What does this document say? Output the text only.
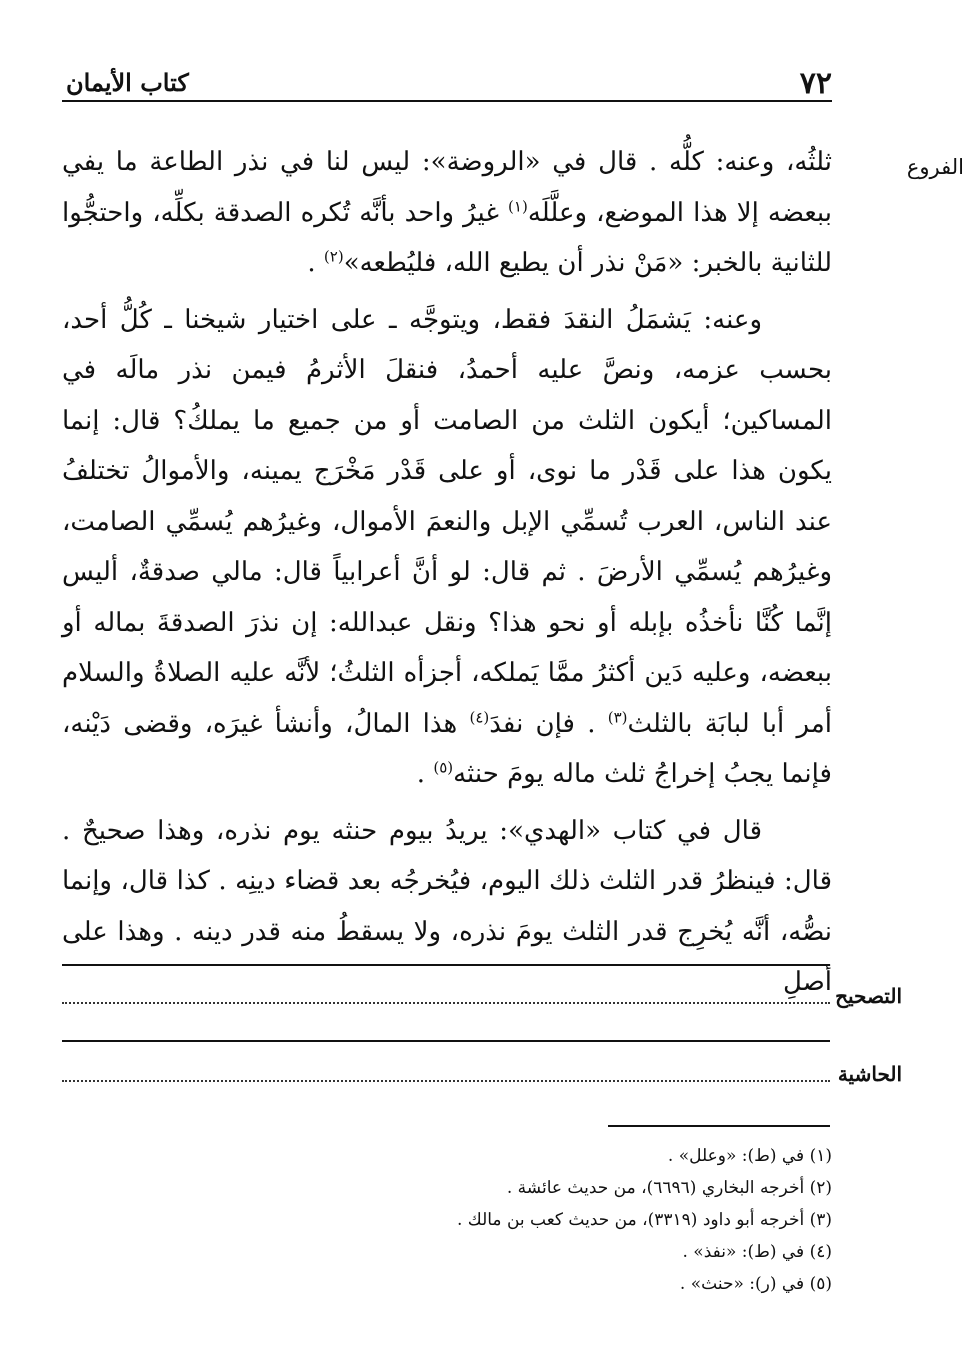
٧٢
كتاب الأيمان
الفروع

ثلثُه، وعنه: كلُّه . قال في «الروضة»: ليس لنا في نذر الطاعة ما يفي ببعضه إلا هذا الموضع، وعلَّلَه$^{(١)}$ غيرُ واحد بأنَّه تُكره الصدقة بكلِّه، واحتجُّوا للثانية بالخبر: «مَنْ نذر أن يطيع الله، فليُطعه»$^{(٢)}$ .

وعنه: يَشمَلُ النقدَ فقط، ويتوجَّه ـ على اختيار شيخنا ـ كُلُّ أحد، بحسب عزمه، ونصَّ عليه أحمدُ، فنقلَ الأثرمُ فيمن نذر مالَه في المساكين؛ أيكون الثلث من الصامت أو من جميع ما يملكُ؟ قال: إنما يكون هذا على قَدْر ما نوى، أو على قَدْر مَخْرَج يمينه، والأموالُ تختلفُ عند الناس، العرب تُسمِّي الإبل والنعمَ الأموال، وغيرُهم يُسمِّي الصامت، وغيرُهم يُسمِّي الأرضَ . ثم قال: لو أنَّ أعرابياً قال: مالي صدقةٌ، أليس إنَّما كُنَّا نأخذُه بإبله أو نحو هذا؟ ونقل عبدالله: إن نذرَ الصدقةَ بماله أو ببعضه، وعليه دَين أكثرُ ممَّا يَملكه، أجزأه الثلثُ؛ لأنَّه عليه الصلاةُ والسلام أمر أبا لبابَة بالثلث$^{(٣)}$ . فإن نفدَ$^{(٤)}$ هذا المالُ، وأنشأ غيرَه، وقضى دَيْنه، فإنما يجبُ إخراجُ ثلث ماله يومَ حنثه$^{(٥)}$ .

قال في كتاب «الهدي»: يريدُ بيوم حنثه يوم نذره، وهذا صحيحٌ . قال: فينظرُ قدر الثلث ذلك اليوم، فيُخرجُه بعد قضاء دينِه . كذا قال، وإنما نصُّه، أنَّه يُخرِج قدر الثلث يومَ نذره، ولا يسقطُ منه قدر دينه . وهذا على أصلِ التصحيح
الحاشية
(١) في (ط): «وعلل» .
(٢) أخرجه البخاري (٦٦٩٦)، من حديث عائشة .
(٣) أخرجه أبو داود (٣٣١٩)، من حديث كعب بن مالك .
(٤) في (ط): «نفذ» .
(٥) في (ر): «حنث» .
